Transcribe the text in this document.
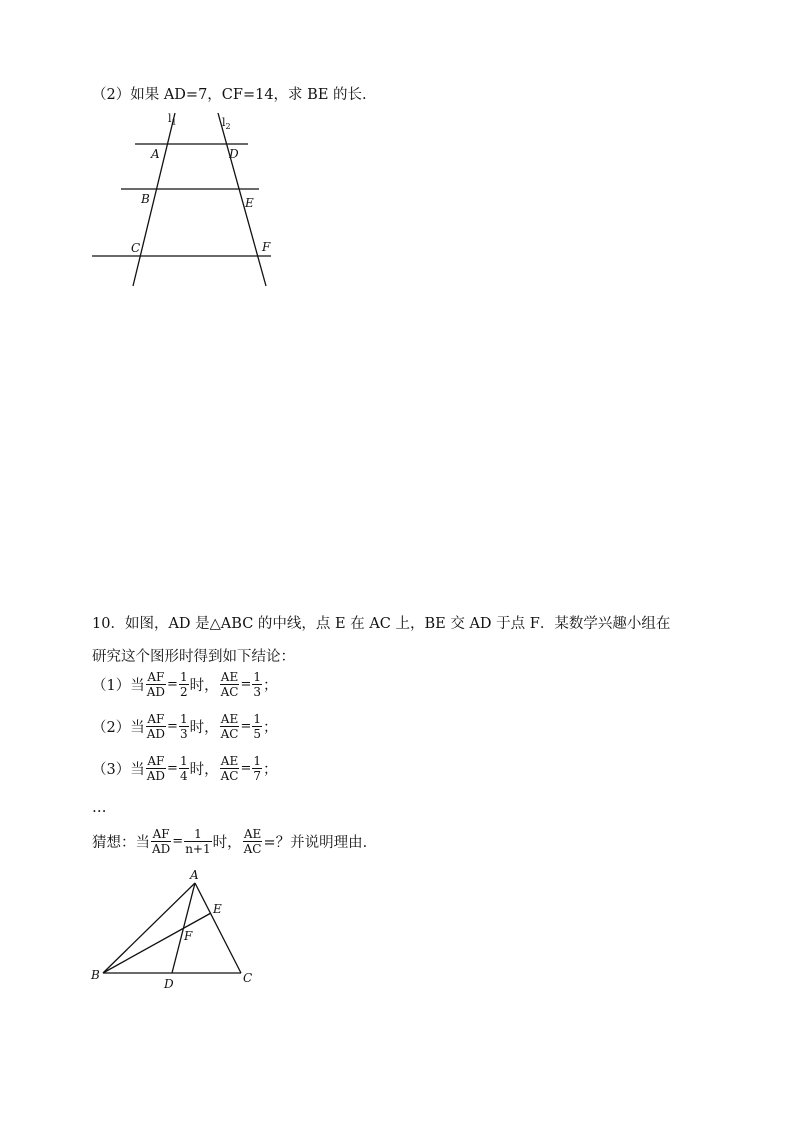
（2）如果 AD=7，CF=14，求 BE 的长.
$l_1$	$l_2$
A	D
B	E
C	F
10．如图，AD 是△ABC 的中线，点 E 在 AC 上，BE 交 AD 于点 F．某数学兴趣小组在
研究这个图形时得到如下结论：
（1）当 $\frac{AF}{AD} = \frac{1}{2}$ 时， $\frac{AE}{AC} = \frac{1}{3}$ ；
（2）当 $\frac{AF}{AD} = \frac{1}{3}$ 时， $\frac{AE}{AC} = \frac{1}{5}$ ；
（3）当 $\frac{AF}{AD} = \frac{1}{4}$ 时， $\frac{AE}{AC} = \frac{1}{7}$ ；
…
猜想：当 $\frac{AF}{AD} = \frac{1}{n+1}$ 时， $\frac{AE}{AC}$ =？并说明理由．
A
E
F
B
D	C
